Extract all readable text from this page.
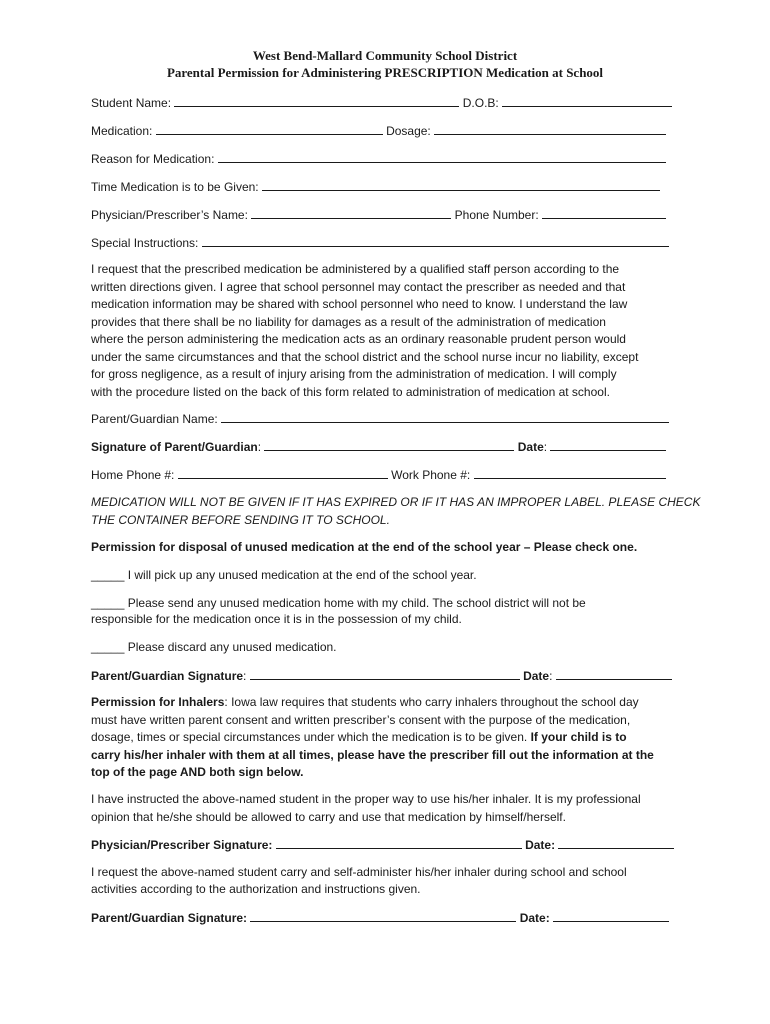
West Bend-Mallard Community School District
Parental Permission for Administering PRESCRIPTION Medication at School
Student Name:	D.O.B:
Medication:	Dosage:
Reason for Medication:
Time Medication is to be Given:
Physician/Prescriber’s Name:	Phone Number:
Special Instructions:
I request that the prescribed medication be administered by a qualified staff person according to the
written directions given. I agree that school personnel may contact the prescriber as needed and that
medication information may be shared with school personnel who need to know. I understand the law
provides that there shall be no liability for damages as a result of the administration of medication
where the person administering the medication acts as an ordinary reasonable prudent person would
under the same circumstances and that the school district and the school nurse incur no liability, except
for gross negligence, as a result of injury arising from the administration of medication. I will comply
with the procedure listed on the back of this form related to administration of medication at school.
Parent/Guardian Name:
Signature of Parent/Guardian:	Date:
Home Phone #:	Work Phone #:
MEDICATION WILL NOT BE GIVEN IF IT HAS EXPIRED OR IF IT HAS AN IMPROPER LABEL. PLEASE CHECK
THE CONTAINER BEFORE SENDING IT TO SCHOOL.
Permission for disposal of unused medication at the end of the school year – Please check one.
_____ I will pick up any unused medication at the end of the school year.
_____ Please send any unused medication home with my child. The school district will not be
responsible for the medication once it is in the possession of my child.
_____ Please discard any unused medication.
Parent/Guardian Signature:	Date:
Permission for Inhalers: Iowa law requires that students who carry inhalers throughout the school day
must have written parent consent and written prescriber’s consent with the purpose of the medication,
dosage, times or special circumstances under which the medication is to be given. If your child is to
carry his/her inhaler with them at all times, please have the prescriber fill out the information at the
top of the page AND both sign below.
I have instructed the above-named student in the proper way to use his/her inhaler. It is my professional
opinion that he/she should be allowed to carry and use that medication by himself/herself.
Physician/Prescriber Signature:	Date:
I request the above-named student carry and self-administer his/her inhaler during school and school
activities according to the authorization and instructions given.
Parent/Guardian Signature:	Date:
